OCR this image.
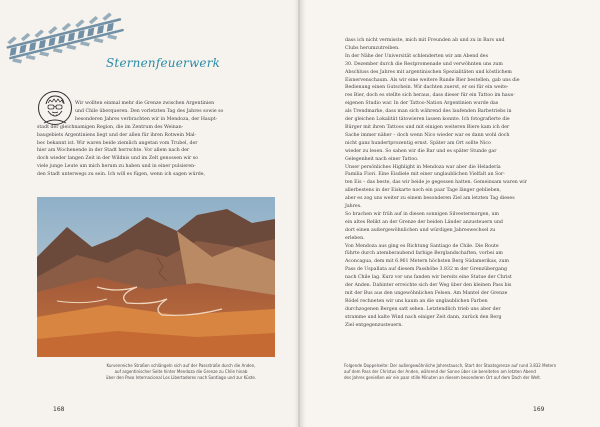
Sternenfeuerwerk
Wir wollten einmal mehr die Grenze zwischen Argentinien
und Chile überqueren. Den vorletzten Tag des Jahres sowie so
besonderen Jahres verbrachten wir in Mendoza, der Haupt-
stadt der gleichnamigen Region, die im Zentrum des Weinan-
baugebiets Argentiniens liegt und der allen für ihren Rotwein Mal-
bec bekannt ist. Wir waren beide ziemlich angetan vom Trubel, der
hier am Wochenende in der Stadt herrschte. Vor allem nach der
doch wieder langen Zeit in der Wildnis und im Zelt genossen wir so
viele junge Leute um mich herum zu haben und in einer pulsieren-
den Stadt unterwegs zu sein. Ich will es fügen, wenn ich sagen würde,
Kurvenreiche Straßen schlängeln sich auf der Passstraße durch die Anden,
auf argentinischer Seite hinter Mendoza die Grenze zu Chile hinab
über den Paso Internacional Los Libertadores nach Santiago und zur Küste.
168
dass ich nicht vermisste, mich mit Freunden ab und zu in Bars und
Clubs herumzutreiben.
In der Nähe der Universität schlenderten wir am Abend des
30. Dezember durch die Restpromenade und verwöhnten uns zum
Abschluss des Jahres mit argentinischen Spezialitäten und köstlichem
Eisnervenschaum. Als wir eine weitere Runde Bier bestellen, gab uns die
Bedienung einen Gutschein. Wir dachten zuerst, er sei für ein weite-
res Bier, doch es stellte sich heraus, dass dieser für ein Tattoo im haus-
eigenen Studio war. In der Tattoo-Nation Argentinien wurde das
als Trendmarke, dass man sich während des laufenden Barbetriebs in
der gleichen Lokalität tätowieren lassen konnte. Ich fotografierte die
Bürger mit ihren Tattoos und mit einigen weiteren Biere kam ich der
Sache immer näher – doch wenn Nico wieder war es dann wohl doch
nicht ganz hundertprozentig ernst. Später am Ort sollte Nico
wieder zu lesen. So sahen wir die Bar und es später Stunde gar
Gelegenheit nach einer Tattoo.
Unser persönliches Highlight in Mendoza war aber die Heladería
Familia Fiori. Eine Eisdiele mit einer unglaublichen Vielfalt an Sor-
ten Eis – das beste, das wir beide je gegessen hatten. Gemeinsam waren wir
allerbestens in der Eiskarte noch ein paar Tage länger geblieben,
aber es zog uns weiter zu einem besonderen Ziel am letzten Tag dieses
Jahres.
So brachen wir früh auf in diesen sonnigen Silvestermorgen, um
ein altes Relikt an der Grenze der beiden Länder anzusteuern und
dort einen außergewöhnlichen und würdigen Jahreswechsel zu
erleben.
Von Mendoza aus ging es Richtung Santiago de Chile. Die Route
führte durch atemberaubend farbige Berglandschaften, vorbei am
Aconcagua, dem mit 6.961 Metern höchsten Berg Südamerikas, zum
Pass de Uspallata auf diesem Passhöhe 3.832 m der Grenzübergang
nach Chile lag. Kurz vor uns fanden wir bereits eine Statue der Christ
der Anden. Dahinter erreichte sich der Weg über den kleinen Pass bis
mit der Bus aus den ungewöhnlichen Felsen. Am Mantel der Grenze
Rödel rechneten wir uns kaum an die unglaublichen Farben
durchzogenen Bergen satt sehen. Letztendlich trieb uns aber der
stramme und kalte Wind nach einiger Zeit dann, zurück den Berg
Ziel entgegenzusteuern.
Folgende Doppelseite: Der außergewöhnliche Jahrestausch, Start der Staatsgrenze auf rund 3.832 Metern
auf dem Pass der Christus der Anden, während der Sonne über sie bereiteten am letzten Abend
des Jahres genießen wir ein paar stille Minuten an diesem besonderen Ort auf dem Dach der Welt.
169
